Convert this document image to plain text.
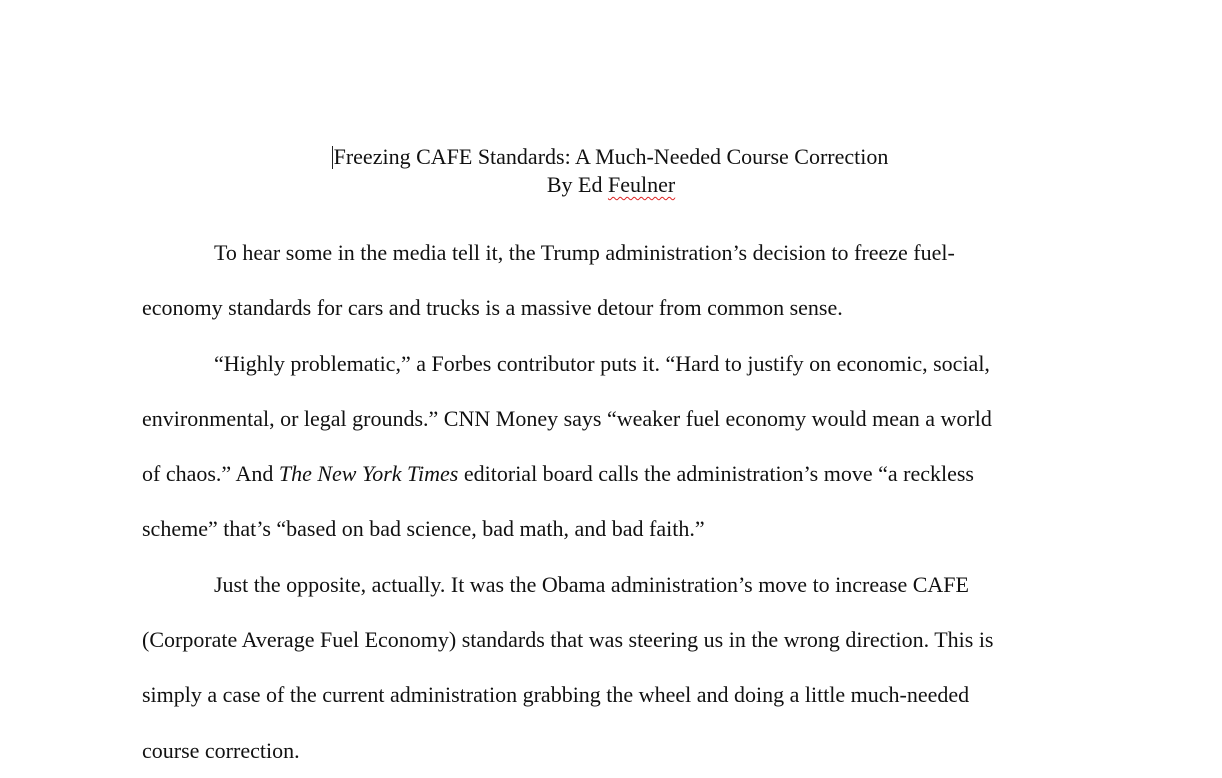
Freezing CAFE Standards: A Much-Needed Course Correction
By Ed Feulner

To hear some in the media tell it, the Trump administration’s decision to freeze fuel-
economy standards for cars and trucks is a massive detour from common sense.

“Highly problematic,” a Forbes contributor puts it. “Hard to justify on economic, social,
environmental, or legal grounds.” CNN Money says “weaker fuel economy would mean a world
of chaos.” And The New York Times editorial board calls the administration’s move “a reckless
scheme” that’s “based on bad science, bad math, and bad faith.”

Just the opposite, actually. It was the Obama administration’s move to increase CAFE
(Corporate Average Fuel Economy) standards that was steering us in the wrong direction. This is
simply a case of the current administration grabbing the wheel and doing a little much-needed
course correction.
